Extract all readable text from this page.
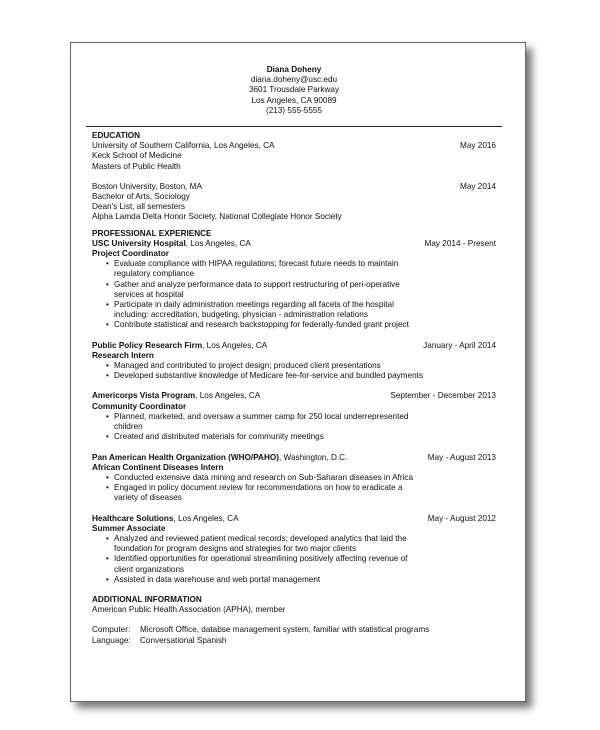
Diana Doheny
diana.doheny@usc.edu
3601 Trousdale Parkway
Los Angeles, CA 90089
(213) 555-5555
EDUCATION
University of Southern California, Los Angeles, CA	May 2016
Keck School of Medicine
Masters of Public Health
Boston University, Boston, MA	May 2014
Bachelor of Arts, Sociology
Dean's List, all semesters
Alpha Lamda Delta Honor Society, National Collegiate Honor Society
PROFESSIONAL EXPERIENCE
USC University Hospital, Los Angeles, CA	May 2014 - Present
Project Coordinator
• Evaluate compliance with HIPAA regulations; forecast future needs to maintain
regulatory compliance
• Gather and analyze performance data to support restructuring of peri-operative
services at hospital
• Participate in daily administration meetings regarding all facets of the hospital
including: accreditation, budgeting, physician - administration relations
• Contribute statistical and research backstopping for federally-funded grant project
Public Policy Research Firm, Los Angeles, CA	January - April 2014
Research Intern
• Managed and contributed to project design; produced client presentations
• Developed substantive knowledge of Medicare fee-for-service and bundled payments
Americorps Vista Program, Los Angeles, CA	September - December 2013
Community Coordinator
• Planned, marketed, and oversaw a summer camp for 250 local underrepresented
children
• Created and distributed materials for community meetings
Pan American Health Organization (WHO/PAHO), Washington, D.C.	May - August 2013
African Continent Diseases Intern
• Conducted extensive data mining and research on Sub-Saharan diseases in Africa
• Engaged in policy document review for recommendations on how to eradicate a
variety of diseases
Healthcare Solutions, Los Angeles, CA	May - August 2012
Summer Associate
• Analyzed and reviewed patient medical records; developed analytics that laid the
foundation for program designs and strategies for two major clients
• Identified opportunities for operational streamlining positively affecting revenue of
client organizations
• Assisted in data warehouse and web portal management
ADDITIONAL INFORMATION
American Public Health Association (APHA), member
Computer:	Microsoft Office, databse management system, familiar with statistical programs
Language:	Conversational Spanish
